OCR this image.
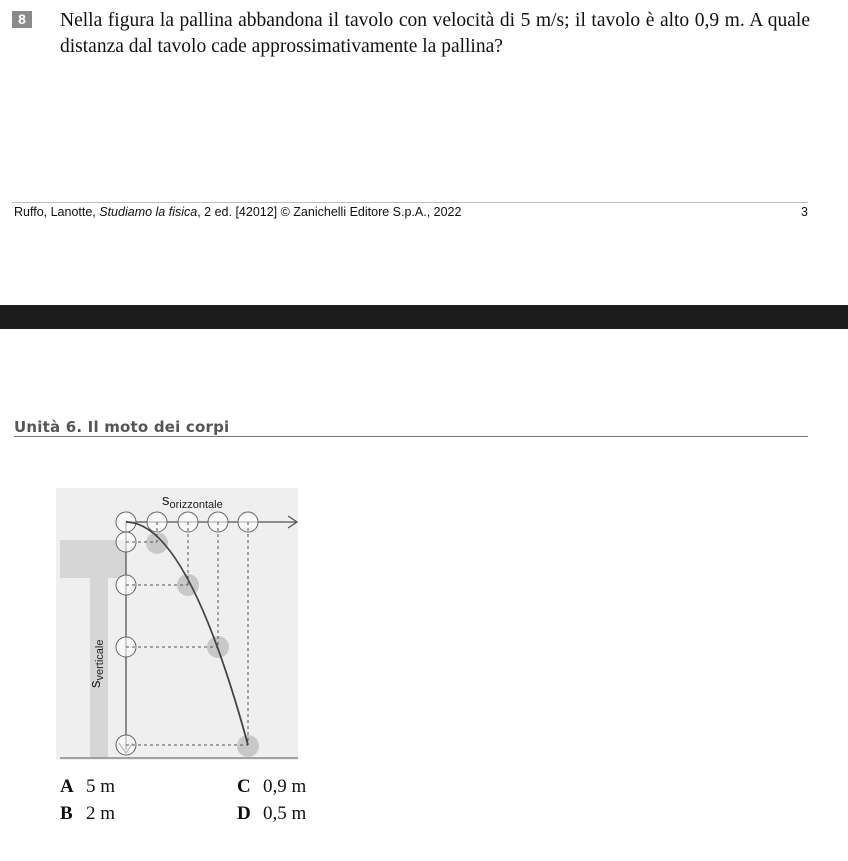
8	Nella figura la pallina abbandona il tavolo con velocità di 5 m/s; il tavolo è alto 0,9 m. A quale distanza dal tavolo cade approssimativamente la pallina?
Ruffo, Lanotte, Studiamo la fisica, 2 ed. [42012] © Zanichelli Editore S.p.A., 2022	3
Unità 6. Il moto dei corpi
sorizzontale
sverticale
A 5 m
B 2 m
C 0,9 m
D 0,5 m
